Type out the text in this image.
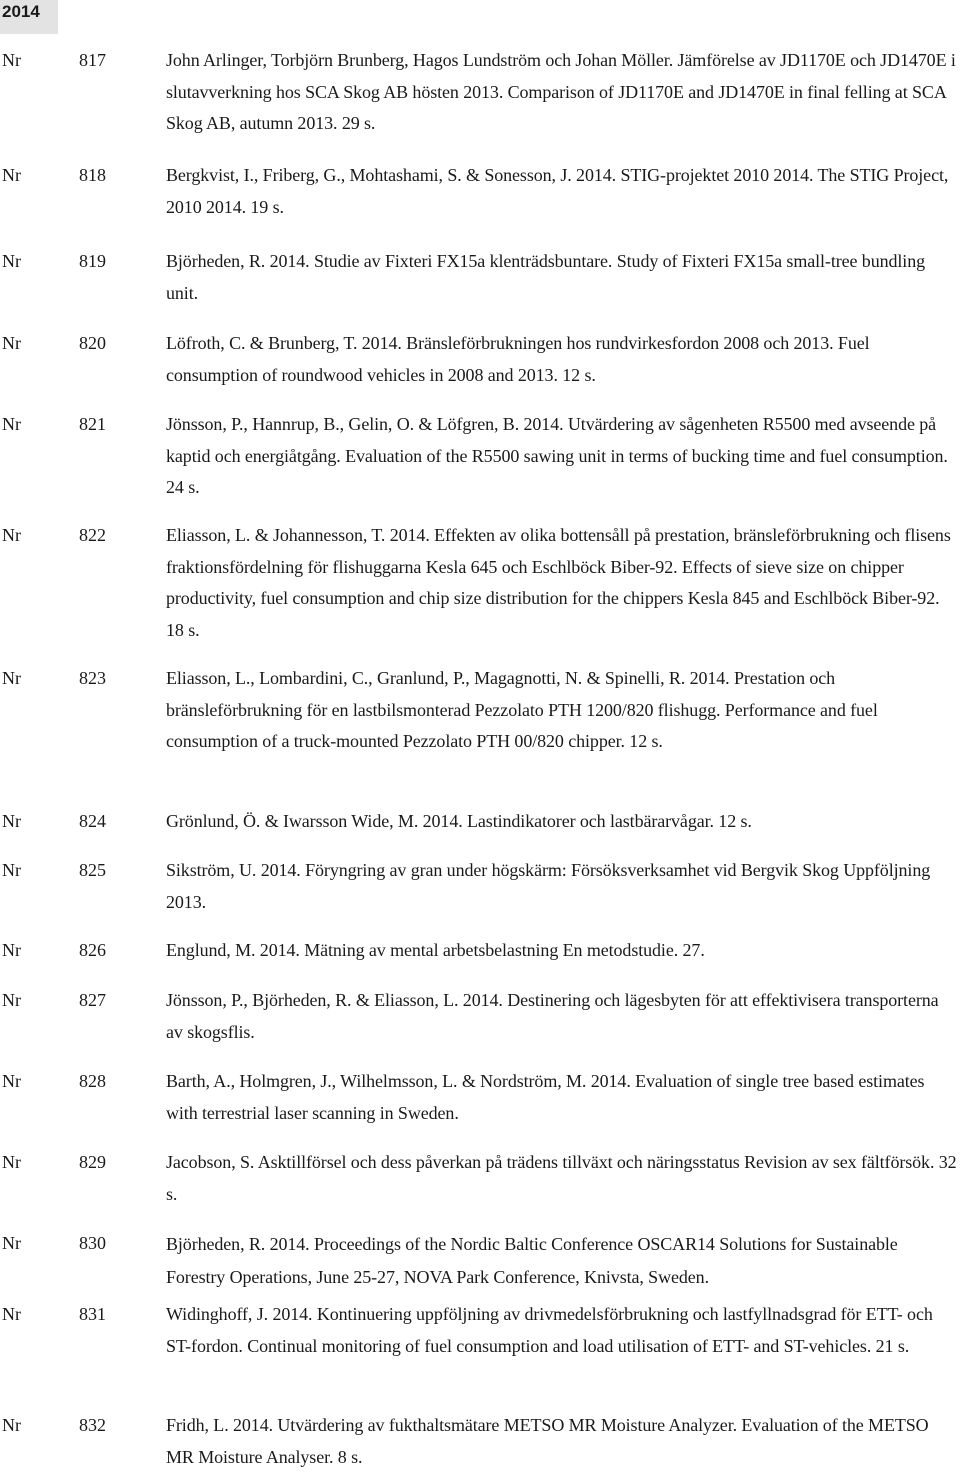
2014
Nr	817	John Arlinger, Torbjörn Brunberg, Hagos Lundström och Johan Möller. Jämförelse av JD1170E och JD1470E i slutavverkning hos SCA Skog AB hösten 2013. Comparison of JD1170E and JD1470E in final felling at SCA Skog AB, autumn 2013. 29 s.
Nr	818	Bergkvist, I., Friberg, G., Mohtashami, S. & Sonesson, J. 2014. STIG-projektet 2010 2014. The STIG Project, 2010 2014. 19 s.
Nr	819	Björheden, R. 2014. Studie av Fixteri FX15a klenträdsbuntare. Study of Fixteri FX15a small-tree bundling unit.
Nr	820	Löfroth, C. & Brunberg, T. 2014. Bränsleförbrukningen hos rundvirkesfordon 2008 och 2013. Fuel consumption of roundwood vehicles in 2008 and 2013. 12 s.
Nr	821	Jönsson, P., Hannrup, B., Gelin, O. & Löfgren, B. 2014. Utvärdering av sågenheten R5500 med avseende på kaptid och energiåtgång. Evaluation of the R5500 sawing unit in terms of bucking time and fuel consumption. 24 s.
Nr	822	Eliasson, L. & Johannesson, T. 2014. Effekten av olika bottensåll på prestation, bränsleförbrukning och flisens fraktionsfördelning för flishuggarna Kesla 645 och Eschlböck Biber-92. Effects of sieve size on chipper productivity, fuel consumption and chip size distribution for the chippers Kesla 845 and Eschlböck Biber-92. 18 s.
Nr	823	Eliasson, L., Lombardini, C., Granlund, P., Magagnotti, N. & Spinelli, R. 2014. Prestation och bränsleförbrukning för en lastbilsmonterad Pezzolato PTH 1200/820 flishugg. Performance and fuel consumption of a truck-mounted Pezzolato PTH 00/820 chipper. 12 s.
Nr	824	Grönlund, Ö. & Iwarsson Wide, M. 2014. Lastindikatorer och lastbärarvågar. 12 s.
Nr	825	Sikström, U. 2014. Föryngring av gran under högskärm: Försöksverksamhet vid Bergvik Skog Uppföljning 2013.
Nr	826	Englund, M. 2014. Mätning av mental arbetsbelastning En metodstudie. 27.
Nr	827	Jönsson, P., Björheden, R. & Eliasson, L. 2014. Destinering och lägesbyten för att effektivisera transporterna av skogsflis.
Nr	828	Barth, A., Holmgren, J., Wilhelmsson, L. & Nordström, M. 2014. Evaluation of single tree based estimates with terrestrial laser scanning in Sweden.
Nr	829	Jacobson, S. Asktillförsel och dess påverkan på trädens tillväxt och näringsstatus Revision av sex fältförsök. 32 s.
Nr	830	Björheden, R. 2014. Proceedings of the Nordic Baltic Conference OSCAR14 Solutions for Sustainable Forestry Operations, June 25-27, NOVA Park Conference, Knivsta, Sweden.
Nr	831	Widinghoff, J. 2014. Kontinuering uppföljning av drivmedelsförbrukning och lastfyllnadsgrad för ETT- och ST-fordon. Continual monitoring of fuel consumption and load utilisation of ETT- and ST-vehicles. 21 s.
Nr	832	Fridh, L. 2014. Utvärdering av fukthaltsmätare METSO MR Moisture Analyzer. Evaluation of the METSO MR Moisture Analyser. 8 s.
